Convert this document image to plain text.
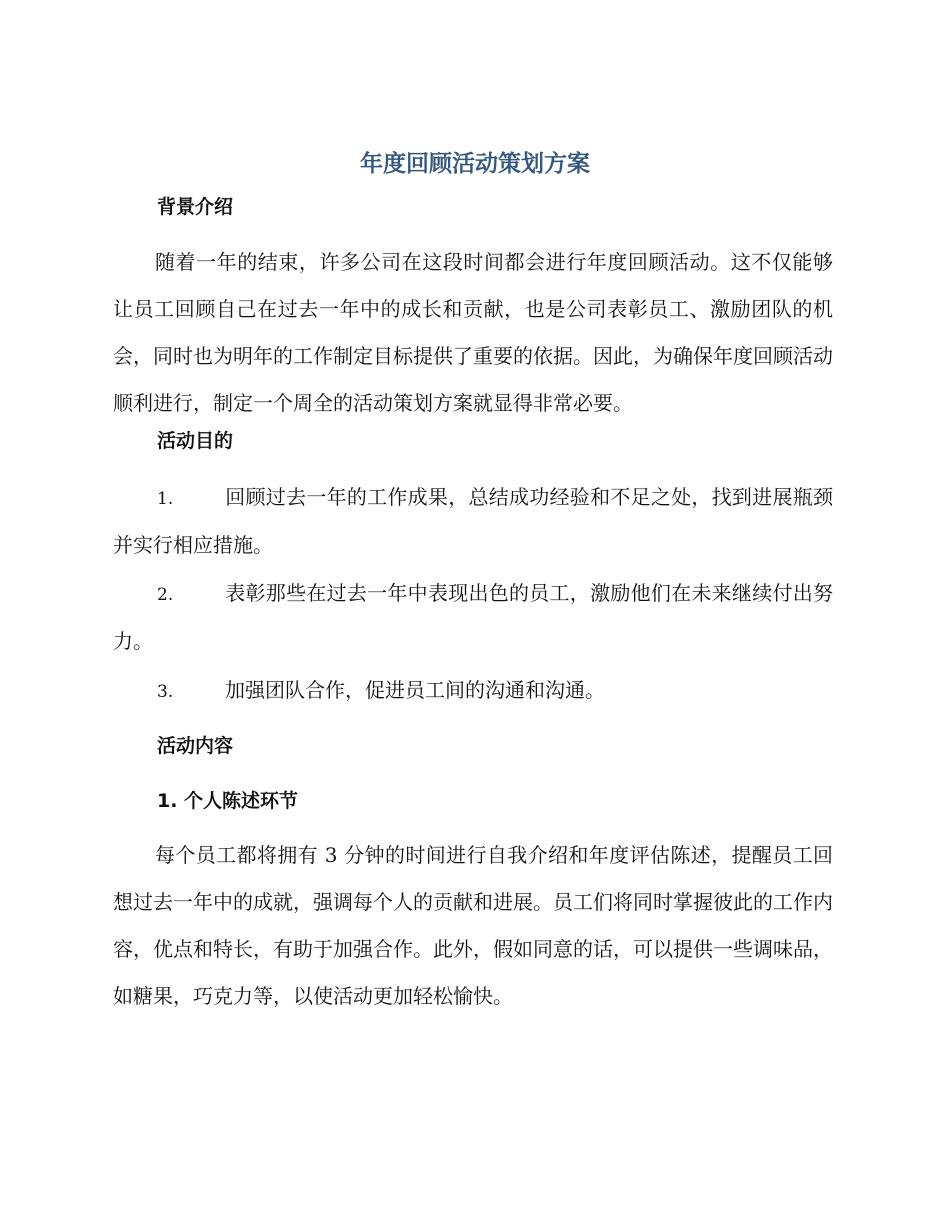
年度回顾活动策划方案
背景介绍

随着一年的结束，许多公司在这段时间都会进行年度回顾活动。这不仅能够让员工回顾自己在过去一年中的成长和贡献，也是公司表彰员工、激励团队的机会，同时也为明年的工作制定目标提供了重要的依据。因此，为确保年度回顾活动顺利进行，制定一个周全的活动策划方案就显得非常必要。

活动目的

1.	回顾过去一年的工作成果，总结成功经验和不足之处，找到进展瓶颈并实行相应措施。

2.	表彰那些在过去一年中表现出色的员工，激励他们在未来继续付出努力。

3.	加强团队合作，促进员工间的沟通和沟通。

活动内容
1. 个人陈述环节

每个员工都将拥有 3 分钟的时间进行自我介绍和年度评估陈述，提醒员工回想过去一年中的成就，强调每个人的贡献和进展。员工们将同时掌握彼此的工作内容，优点和特长，有助于加强合作。此外，假如同意的话，可以提供一些调味品，如糖果，巧克力等，以使活动更加轻松愉快。
